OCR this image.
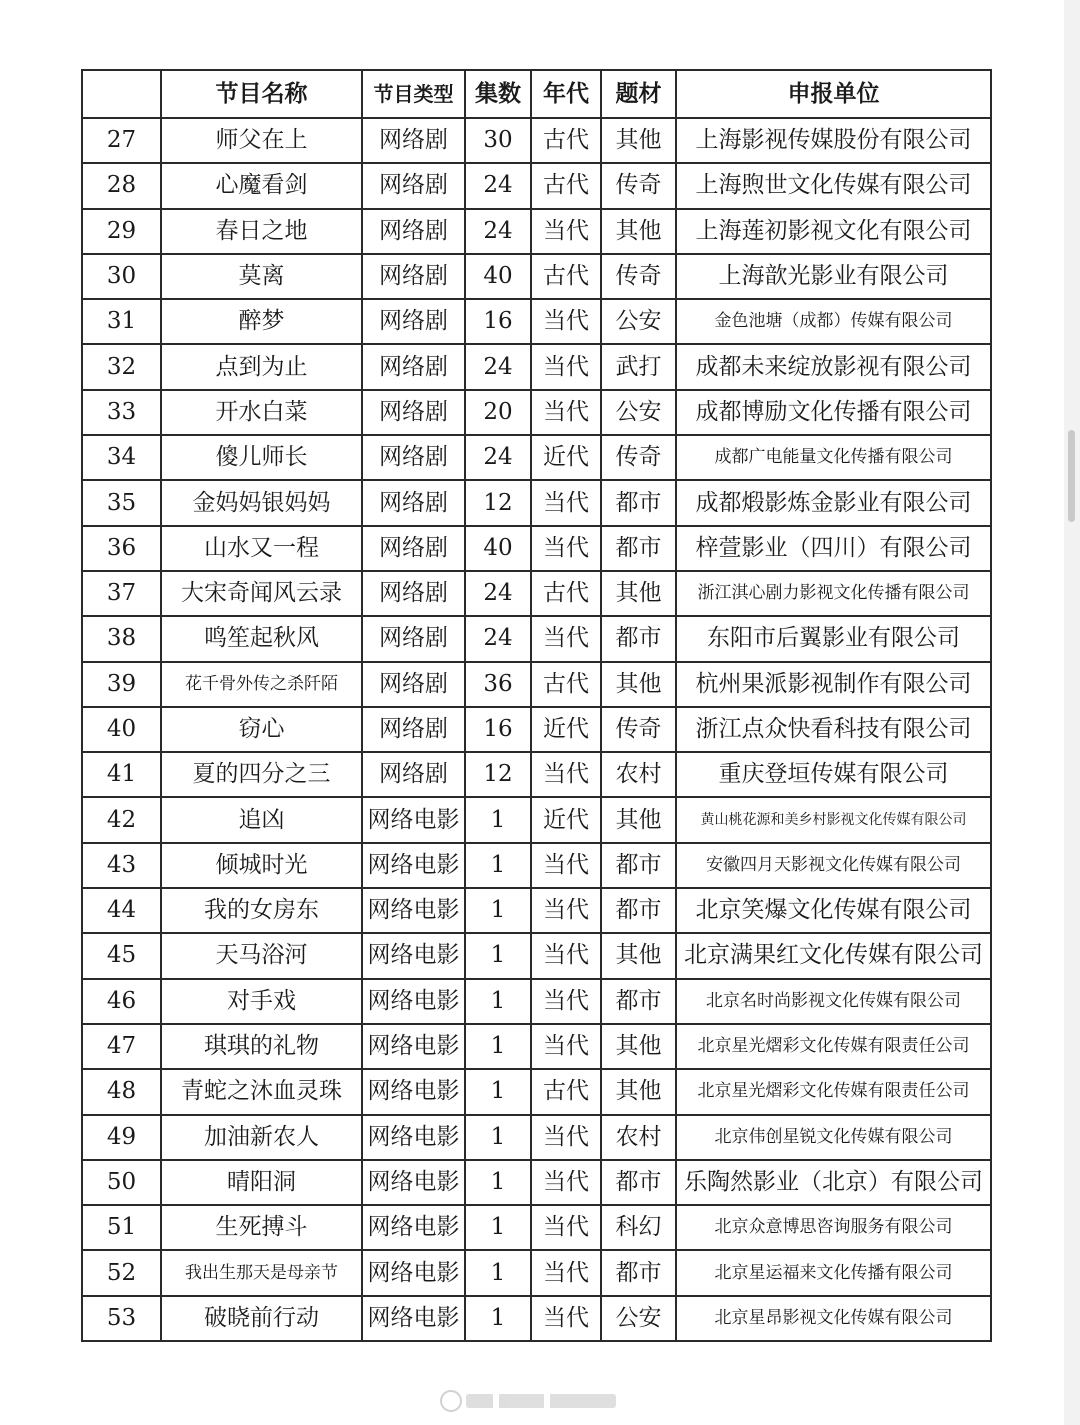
	节目名称	节目类型	集数	年代	题材	申报单位
27	师父在上	网络剧	30	古代	其他	上海影视传媒股份有限公司
28	心魔看剑	网络剧	24	古代	传奇	上海煦世文化传媒有限公司
29	春日之地	网络剧	24	当代	其他	上海莲初影视文化有限公司
30	莫离	网络剧	40	古代	传奇	上海歆光影业有限公司
31	醉梦	网络剧	16	当代	公安	金色池塘（成都）传媒有限公司
32	点到为止	网络剧	24	当代	武打	成都未来绽放影视有限公司
33	开水白菜	网络剧	20	当代	公安	成都博励文化传播有限公司
34	傻儿师长	网络剧	24	近代	传奇	成都广电能量文化传播有限公司
35	金妈妈银妈妈	网络剧	12	当代	都市	成都煅影炼金影业有限公司
36	山水又一程	网络剧	40	当代	都市	梓萱影业（四川）有限公司
37	大宋奇闻风云录	网络剧	24	古代	其他	浙江淇心剧力影视文化传播有限公司
38	鸣笙起秋风	网络剧	24	当代	都市	东阳市后翼影业有限公司
39	花千骨外传之杀阡陌	网络剧	36	古代	其他	杭州果派影视制作有限公司
40	窃心	网络剧	16	近代	传奇	浙江点众快看科技有限公司
41	夏的四分之三	网络剧	12	当代	农村	重庆登垣传媒有限公司
42	追凶	网络电影	1	近代	其他	黄山桃花源和美乡村影视文化传媒有限公司
43	倾城时光	网络电影	1	当代	都市	安徽四月天影视文化传媒有限公司
44	我的女房东	网络电影	1	当代	都市	北京笑爆文化传媒有限公司
45	天马浴河	网络电影	1	当代	其他	北京满果红文化传媒有限公司
46	对手戏	网络电影	1	当代	都市	北京名时尚影视文化传媒有限公司
47	琪琪的礼物	网络电影	1	当代	其他	北京星光熠彩文化传媒有限责任公司
48	青蛇之沐血灵珠	网络电影	1	古代	其他	北京星光熠彩文化传媒有限责任公司
49	加油新农人	网络电影	1	当代	农村	北京伟创星锐文化传媒有限公司
50	晴阳洞	网络电影	1	当代	都市	乐陶然影业（北京）有限公司
51	生死搏斗	网络电影	1	当代	科幻	北京众意博思咨询服务有限公司
52	我出生那天是母亲节	网络电影	1	当代	都市	北京星运福来文化传播有限公司
53	破晓前行动	网络电影	1	当代	公安	北京星昂影视文化传媒有限公司
